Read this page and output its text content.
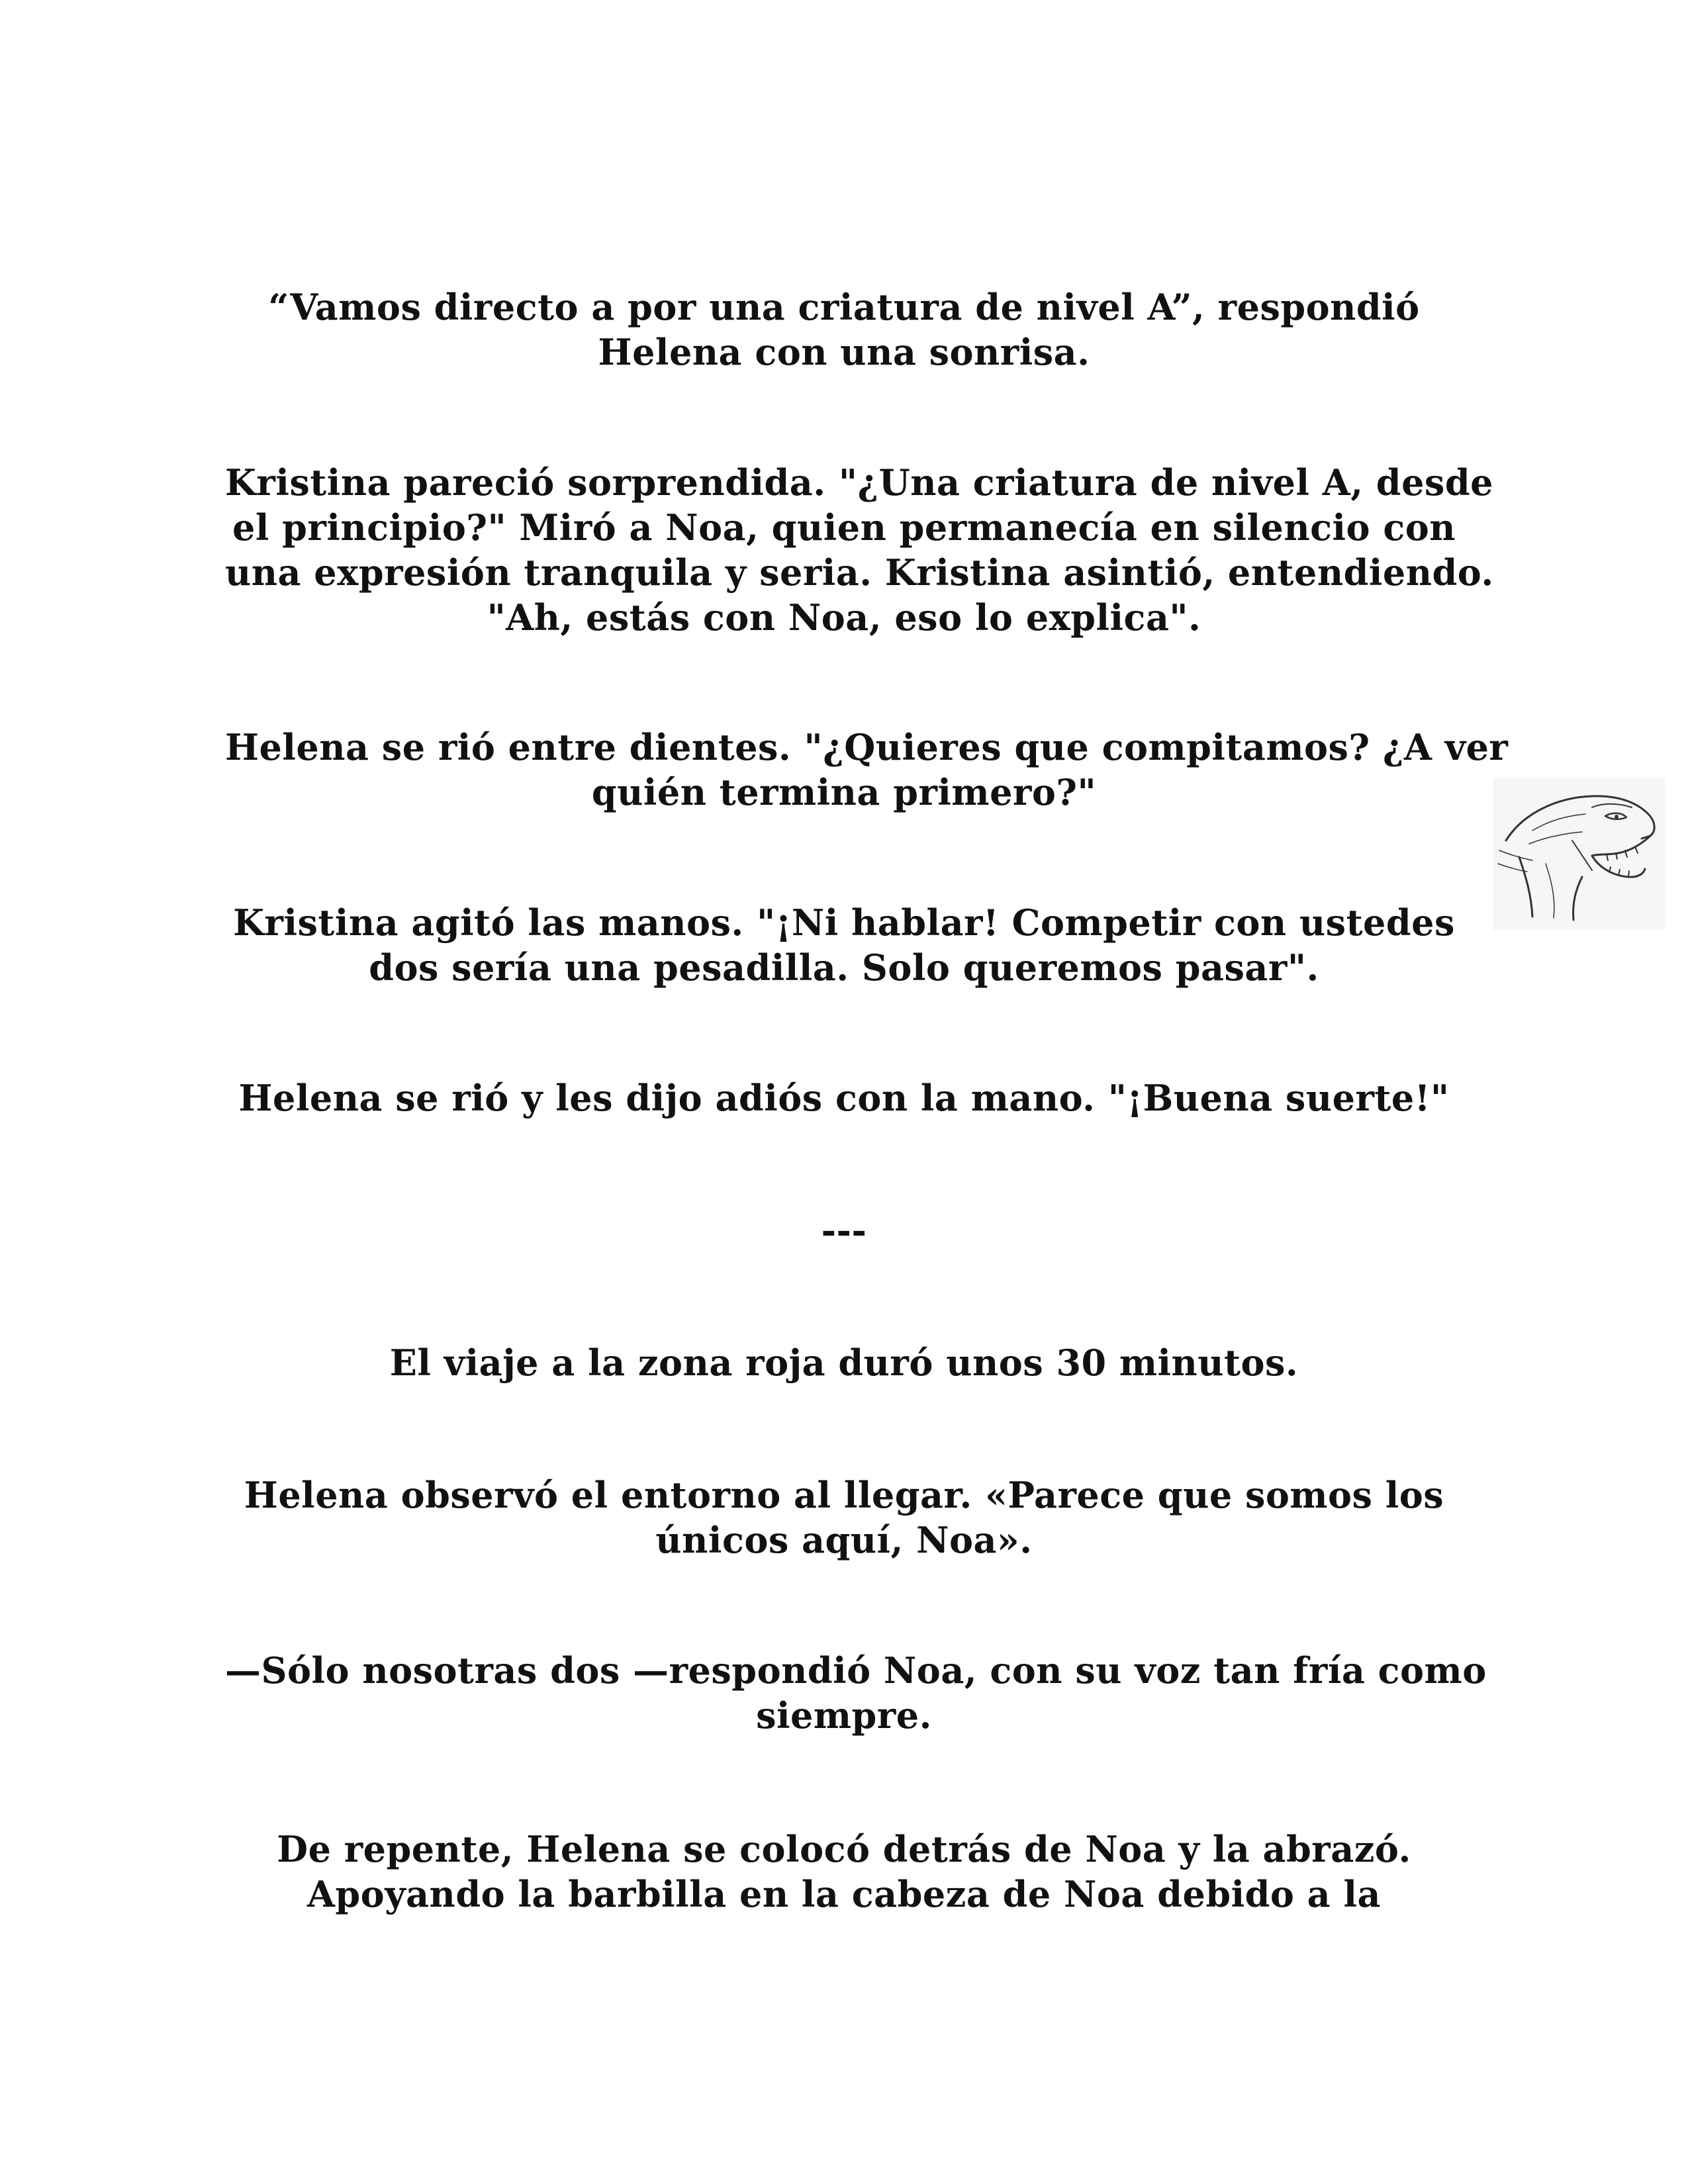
“Vamos directo a por una criatura de nivel A”, respondió
Helena con una sonrisa.

Kristina pareció sorprendida. "¿Una criatura de nivel A, desde
el principio?" Miró a Noa, quien permanecía en silencio con
una expresión tranquila y seria. Kristina asintió, entendiendo.
"Ah, estás con Noa, eso lo explica".

Helena se rió entre dientes. "¿Quieres que compitamos? ¿A ver
quién termina primero?"

Kristina agitó las manos. "¡Ni hablar! Competir con ustedes
dos sería una pesadilla. Solo queremos pasar".

Helena se rió y les dijo adiós con la mano. "¡Buena suerte!"

---

El viaje a la zona roja duró unos 30 minutos.

Helena observó el entorno al llegar. «Parece que somos los
únicos aquí, Noa».

—Sólo nosotras dos —respondió Noa, con su voz tan fría como
siempre.

De repente, Helena se colocó detrás de Noa y la abrazó.
Apoyando la barbilla en la cabeza de Noa debido a la
